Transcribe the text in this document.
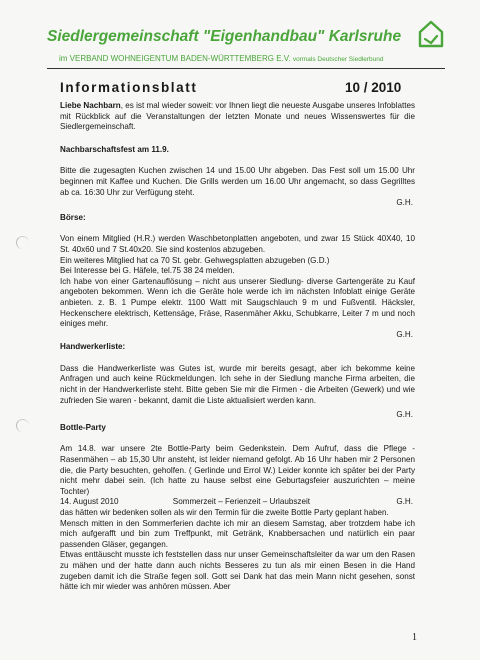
Siedlergemeinschaft "Eigenhandbau" Karlsruhe
im VERBAND WOHNEIGENTUM BADEN-WÜRTTEMBERG E.V. vormals Deutscher Siedlerbund
Informationsblatt	10 / 2010

Liebe Nachbarn, es ist mal wieder soweit: vor Ihnen liegt die neueste Ausgabe unseres Infoblattes mit Rückblick auf die Veranstaltungen der letzten Monate und neues Wissenswertes für die Siedlergemeinschaft.

Nachbarschaftsfest am 11.9.

Bitte die zugesagten Kuchen zwischen 14 und 15.00 Uhr abgeben. Das Fest soll um 15.00 Uhr beginnen mit Kaffee und Kuchen. Die Grills werden um 16.00 Uhr angemacht, so dass Gegrilltes ab ca. 16:30 Uhr zur Verfügung steht.

G.H.

Börse:

Von einem Mitglied (H.R.) werden Waschbetonplatten angeboten, und zwar 15 Stück 40X40, 10 St. 40x60 und 7 St.40x20. Sie sind kostenlos abzugeben.

Ein weiteres Mitglied hat ca 70 St. gebr. Gehwegsplatten abzugeben (G.D.)

Bei Interesse bei G. Häfele, tel.75 38 24 melden.

Ich habe von einer Gartenauflösung – nicht aus unserer Siedlung- diverse Gartengeräte zu Kauf angeboten bekommen. Wenn ich die Geräte hole werde ich im nächsten Infoblatt einige Geräte anbieten. z. B. 1 Pumpe elektr. 1100 Watt mit Saugschlauch 9 m und Fußventil. Häcksler, Heckenschere elektrisch, Kettensäge, Fräse, Rasenmäher Akku, Schubkarre, Leiter 7 m und noch einiges mehr.

G.H.

Handwerkerliste:

Dass die Handwerkerliste was Gutes ist, wurde mir bereits gesagt, aber ich bekomme keine Anfragen und auch keine Rückmeldungen. Ich sehe in der Siedlung manche Firma arbeiten, die nicht in der Handwerkerliste steht. Bitte geben Sie mir die Firmen - die Arbeiten (Gewerk) und wie zufrieden Sie waren - bekannt, damit die Liste aktualisiert werden kann.

G.H.

Bottle-Party

Am 14.8. war unsere 2te Bottle-Party beim Gedenkstein. Dem Aufruf, dass die Pflege - Rasenmähen – ab 15,30 Uhr ansteht, ist leider niemand gefolgt. Ab 16 Uhr haben mir 2 Personen die, die Party besuchten, geholfen. ( Gerlinde und Errol W.) Leider konnte ich später bei der Party nicht mehr dabei sein. (Ich hatte zu hause selbst eine Geburtagsfeier auszurichten – meine Tochter)

G.H.

14. August 2010	Sommerzeit – Ferienzeit – Urlaubszeit

das hätten wir bedenken sollen als wir den Termin für die zweite Bottle Party geplant haben.

Mensch mitten in den Sommerferien dachte ich mir an diesem Samstag, aber trotzdem habe ich mich aufgerafft und bin zum Treffpunkt, mit Getränk, Knabbersachen und natürlich ein paar passenden Gläser, gegangen.

Etwas enttäuscht musste ich feststellen dass nur unser Gemeinschaftsleiter da war um den Rasen zu mähen und der hatte dann auch nichts Besseres zu tun als mir einen Besen in die Hand zugeben damit ich die Straße fegen soll. Gott sei Dank hat das mein Mann nicht gesehen, sonst hätte ich mir wieder was anhören müssen. Aber

1
